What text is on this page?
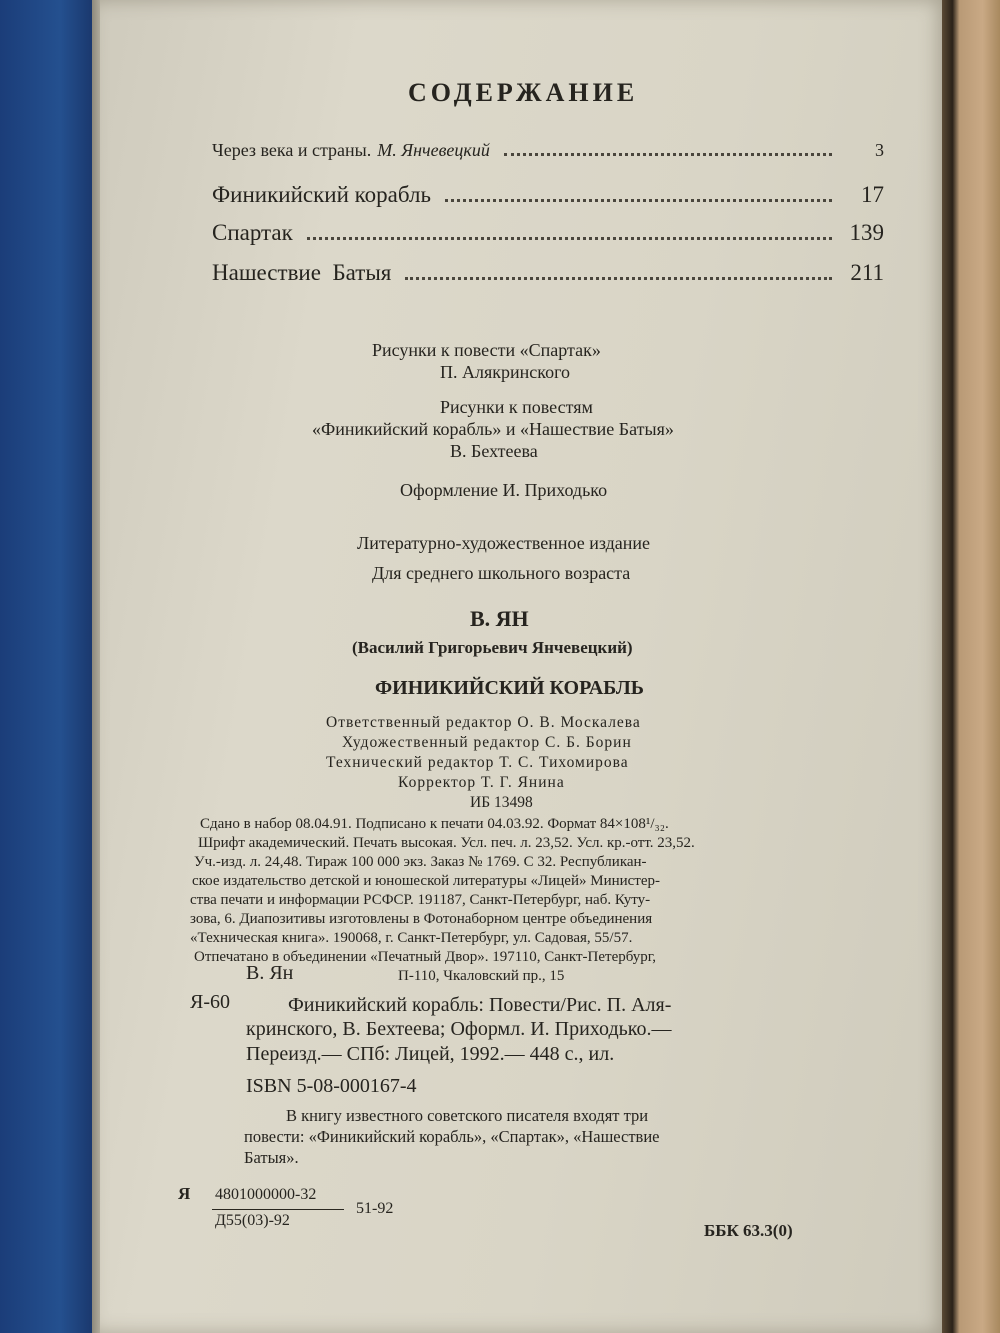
СОДЕРЖАНИЕ
Через века и страны. М. Янчевецкий	3
Финикийский корабль	17
Спартак	139
Нашествие  Батыя	211
Рисунки к повести «Спартак»
П. Алякринского
Рисунки к повестям
«Финикийский корабль» и «Нашествие Батыя»
В. Бехтеева
Оформление И. Приходько
Литературно-художественное издание
Для среднего школьного возраста
В. ЯН
(Василий Григорьевич Янчевецкий)
ФИНИКИЙСКИЙ КОРАБЛЬ
Ответственный редактор О. В. Москалева
Художественный редактор С. Б. Борин
Технический редактор Т. С. Тихомирова
Корректор Т. Г. Янина
ИБ 13498
Сдано в набор 08.04.91. Подписано к печати 04.03.92. Формат 84×108¹/₃₂.
Шрифт академический. Печать высокая. Усл. печ. л. 23,52. Усл. кр.-отт. 23,52.
Уч.-изд. л. 24,48. Тираж 100 000 экз. Заказ № 1769. С 32. Республикан-
ское издательство детской и юношеской литературы «Лицей» Министер-
ства печати и информации РСФСР. 191187, Санкт-Петербург, наб. Куту-
зова, 6. Диапозитивы изготовлены в Фотонаборном центре объединения
«Техническая книга». 190068, г. Санкт-Петербург, ул. Садовая, 55/57.
Отпечатано в объединении «Печатный Двор». 197110, Санкт-Петербург,
П-110, Чкаловский пр., 15
В. Ян
Я-60	Финикийский корабль: Повести/Рис. П. Аля-
кринского, В. Бехтеева; Оформл. И. Приходько.—
Переизд.— СПб: Лицей, 1992.— 448 с., ил.
ISBN 5-08-000167-4
В книгу известного советского писателя входят три
повести: «Финикийский корабль», «Спартак», «Нашествие
Батыя».
Я 4801000000-32
Д55(03)-92
51-92
ББК 63.3(0)
